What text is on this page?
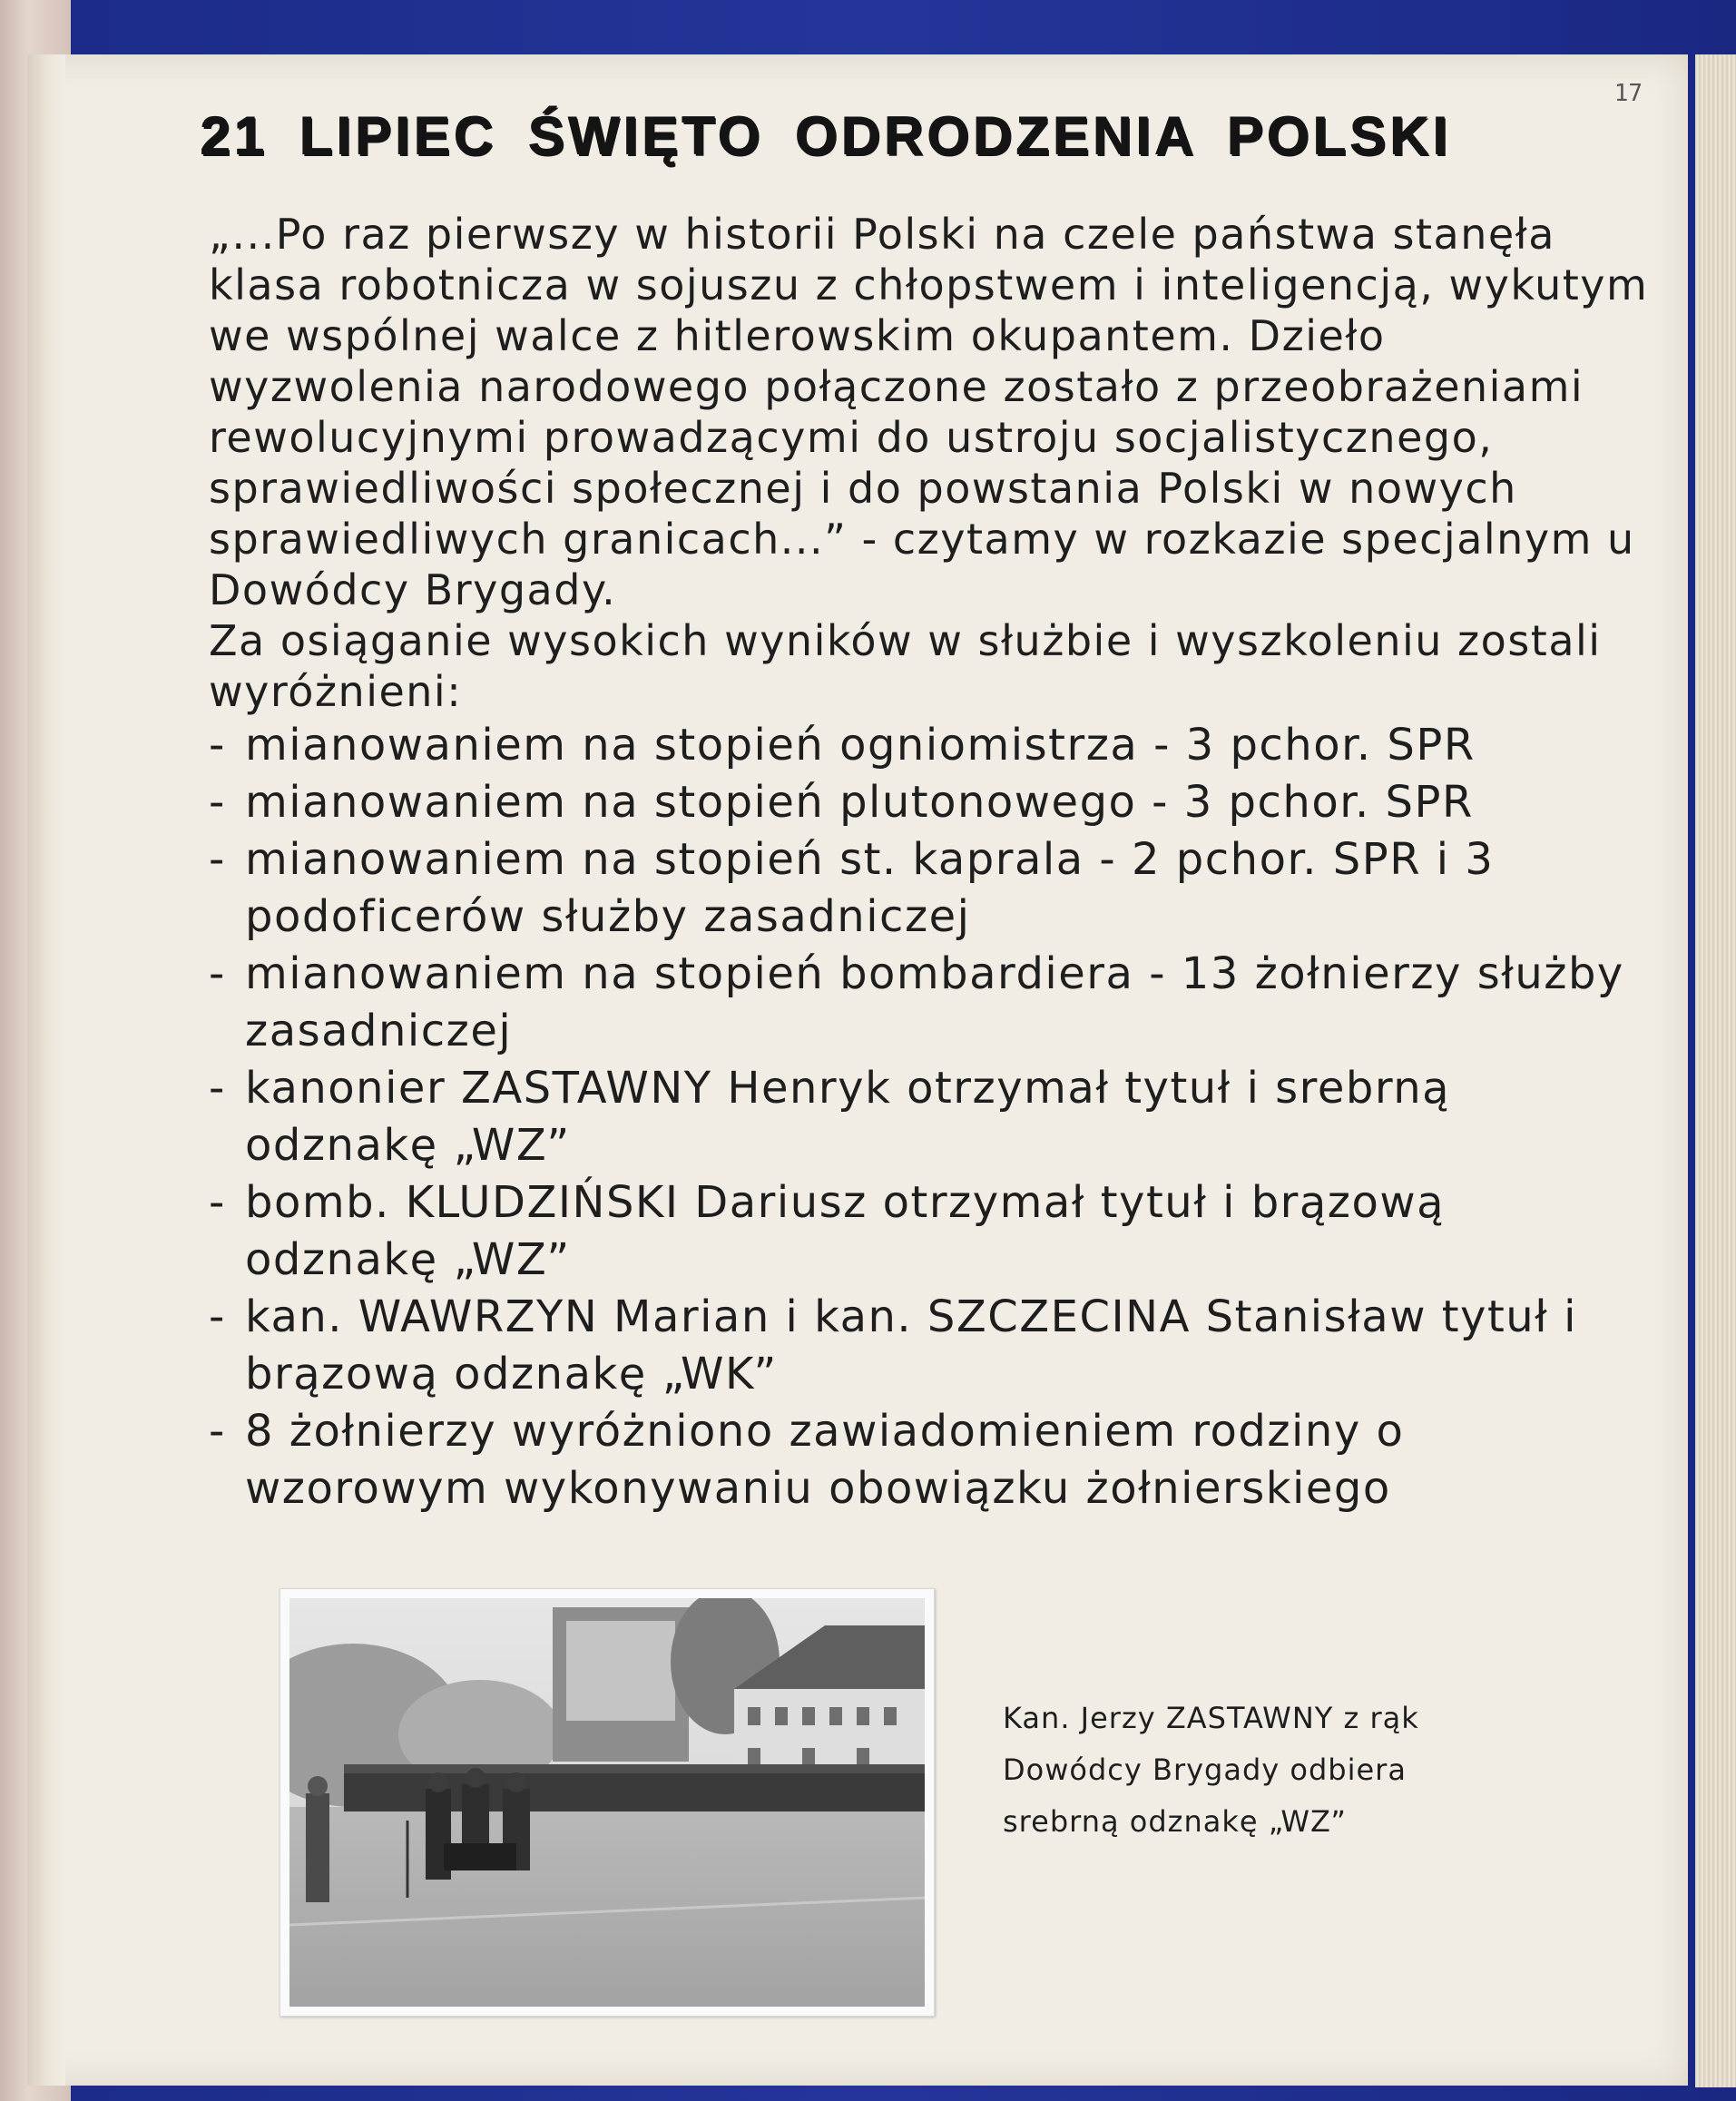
17
21 LIPIEC ŚWIĘTO ODRODZENIA POLSKI

„...Po raz pierwszy w historii Polski na czele państwa stanęła klasa robotnicza w sojuszu z chłopstwem i inteligencją, wykutym we wspólnej walce z hitlerowskim okupantem. Dzieło wyzwolenia narodowego połączone zostało z przeobrażeniami rewolucyjnymi prowadzącymi do ustroju socjalistycznego, sprawiedliwości społecznej i do powstania Polski w nowych sprawiedliwych granicach...” - czytamy w rozkazie specjalnym u Dowódcy Brygady.

Za osiąganie wysokich wyników w służbie i wyszkoleniu zostali wyróżnieni:

- mianowaniem na stopień ogniomistrza - 3 pchor. SPR
- mianowaniem na stopień plutonowego - 3 pchor. SPR
- mianowaniem na stopień st. kaprala - 2 pchor. SPR i 3 podoficerów służby zasadniczej
- mianowaniem na stopień bombardiera - 13 żołnierzy służby zasadniczej
- kanonier ZASTAWNY Henryk otrzymał tytuł i srebrną odznakę „WZ”
- bomb. KLUDZIŃSKI Dariusz otrzymał tytuł i brązową odznakę „WZ”
- kan. WAWRZYN Marian i kan. SZCZECINA Stanisław tytuł i brązową odznakę „WK”
- 8 żołnierzy wyróżniono zawiadomieniem rodziny o wzorowym wykonywaniu obowiązku żołnierskiego

Kan. Jerzy ZASTAWNY z rąk Dowódcy Brygady odbiera srebrną odznakę „WZ”
